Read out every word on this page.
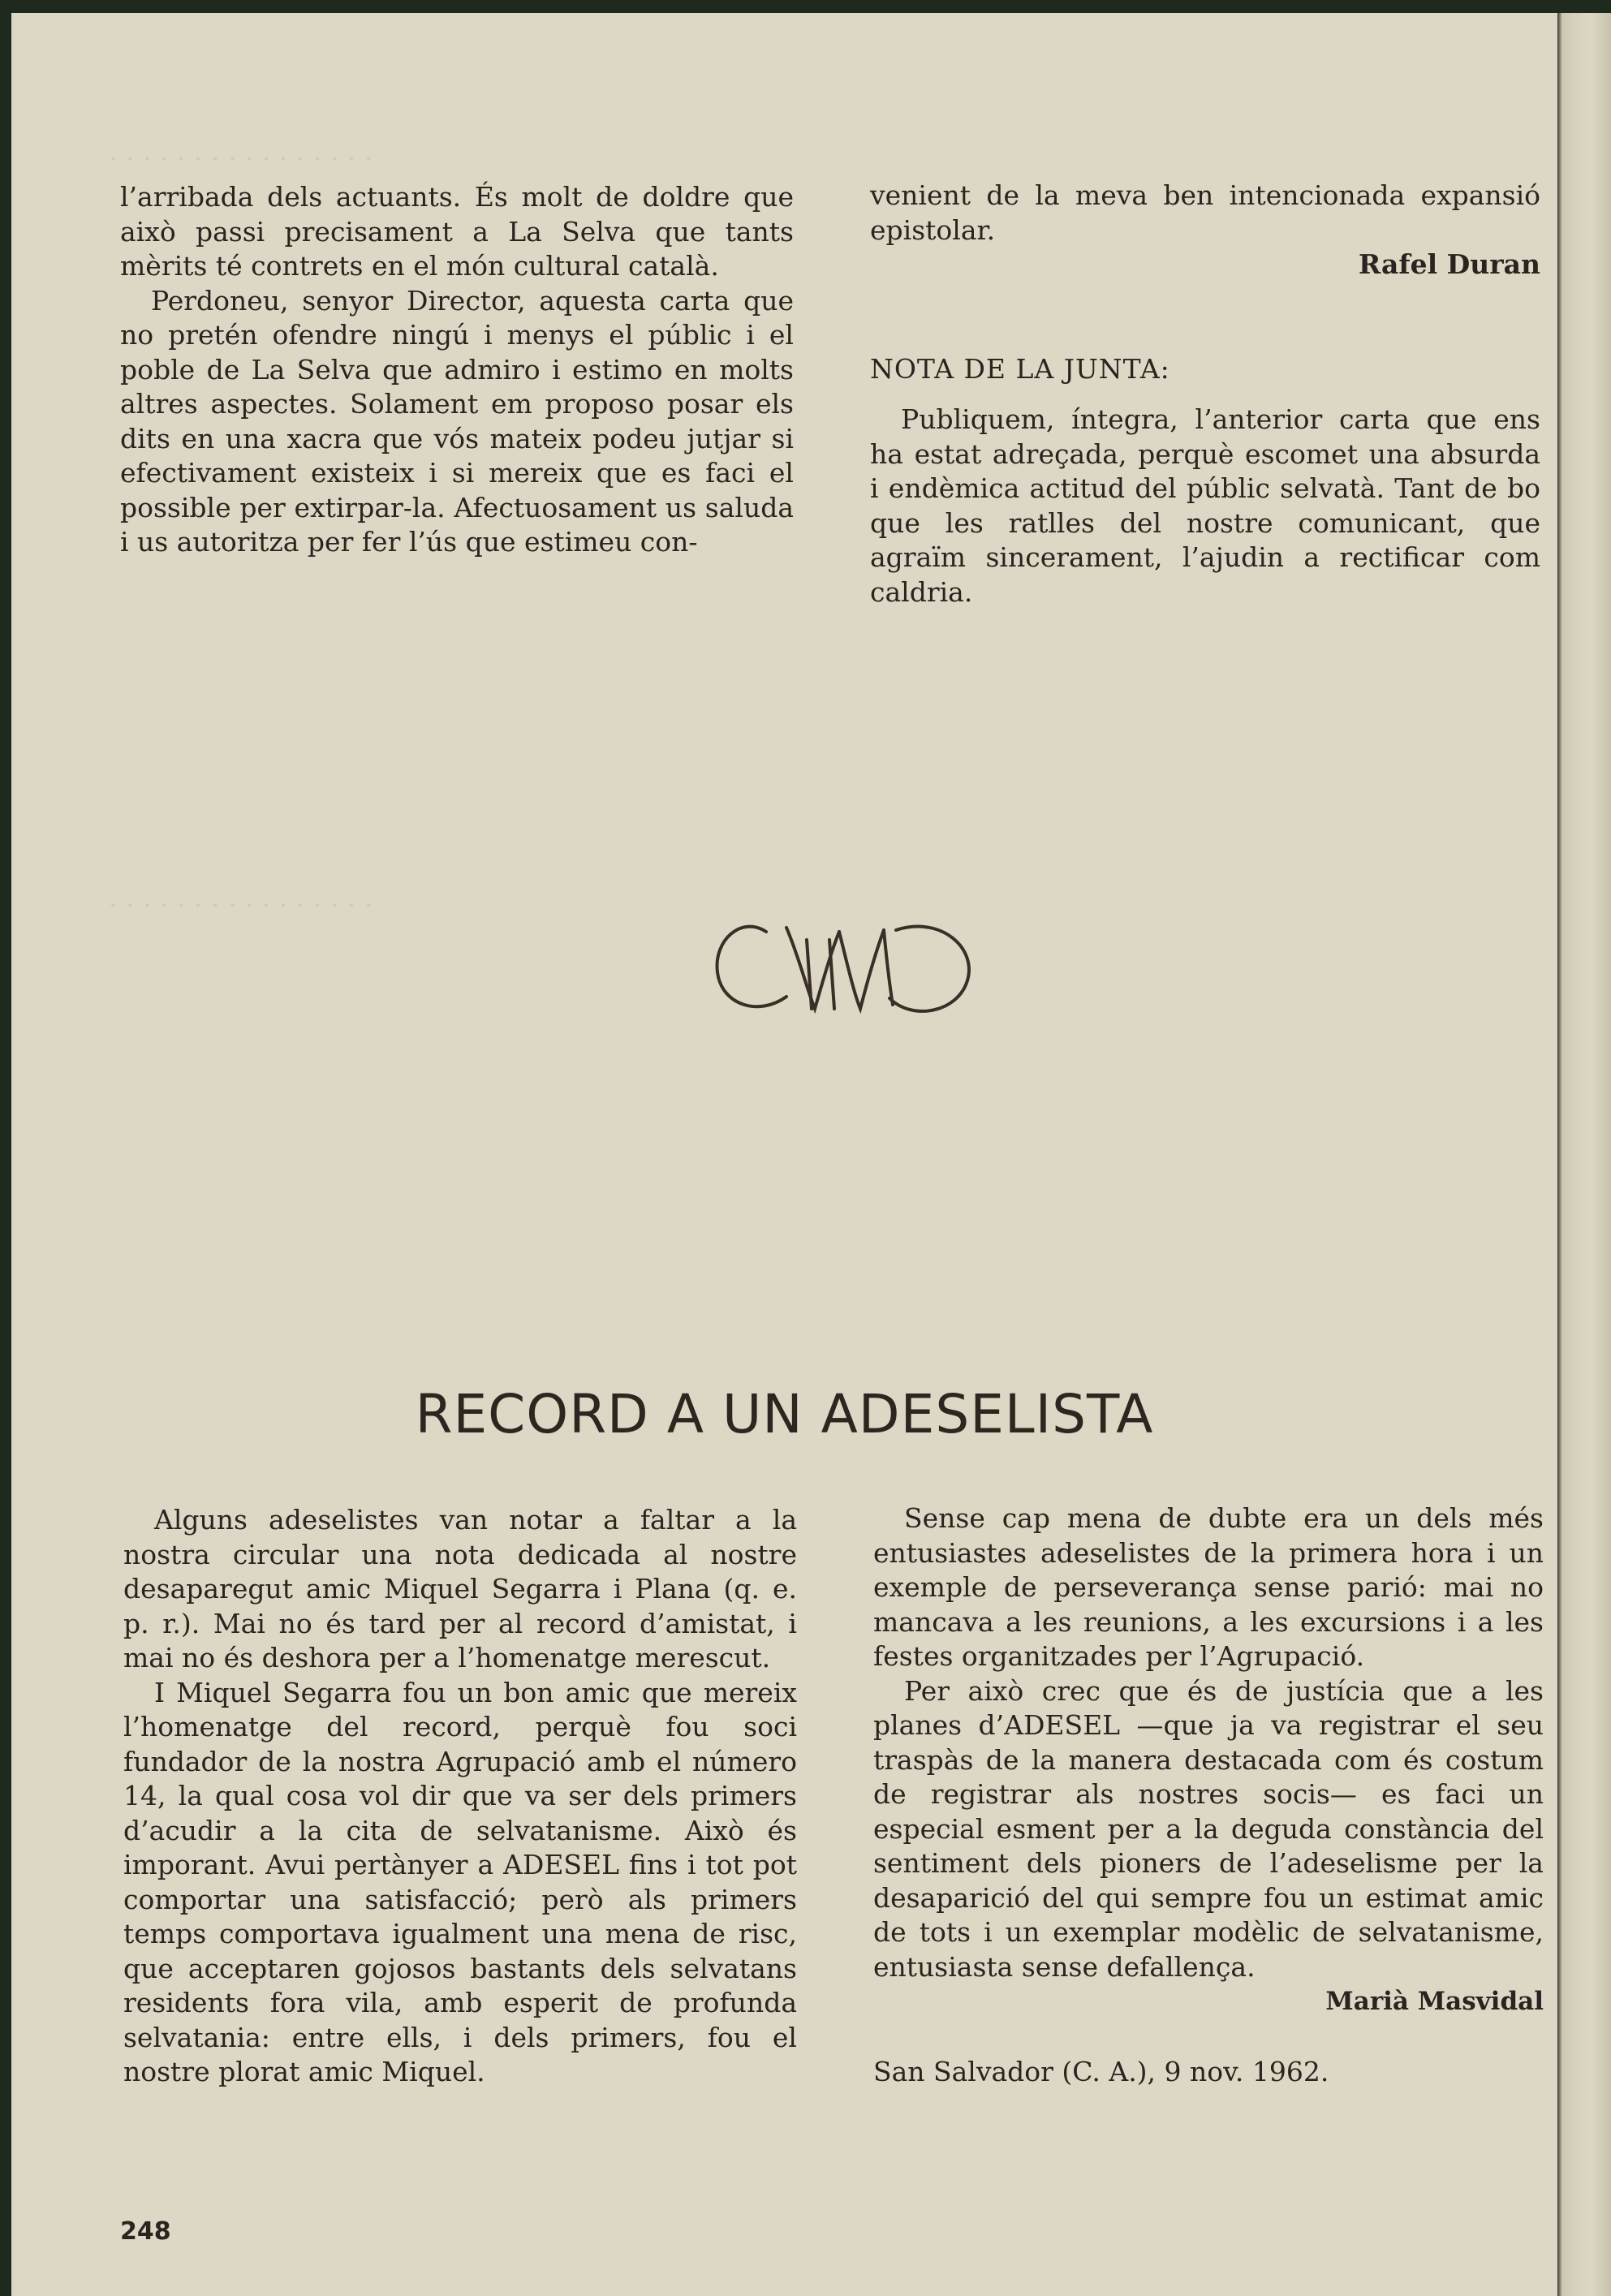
· · · · · · · · · · · · · · · ·
· · · · · · · · · · · · · · · ·

l’arribada dels actuants. És molt de doldre que això passi precisament a La Selva que tants mèrits té contrets en el món cultural català.

Perdoneu, senyor Director, aquesta carta que no pretén ofendre ningú i menys el públic i el poble de La Selva que admiro i estimo en molts altres aspectes. Solament em proposo posar els dits en una xacra que vós mateix podeu jutjar si efectivament existeix i si mereix que es faci el possible per extirpar-la. Afectuosament us saluda i us autoritza per fer l’ús que estimeu con-

venient de la meva ben intencionada expansió epistolar.

Rafel Duran

NOTA DE LA JUNTA:

Publiquem, íntegra, l’anterior carta que ens ha estat adreçada, perquè escomet una absurda i endèmica actitud del públic selvatà. Tant de bo que les ratlles del nostre comunicant, que agraïm sincerament, l’ajudin a rectificar com caldria.

RECORD A UN ADESELISTA

Alguns adeselistes van notar a faltar a la nostra circular una nota dedicada al nostre desaparegut amic Miquel Segarra i Plana (q. e. p. r.). Mai no és tard per al record d’amistat, i mai no és deshora per a l’homenatge merescut.

I Miquel Segarra fou un bon amic que mereix l’homenatge del record, perquè fou soci fundador de la nostra Agrupació amb el número 14, la qual cosa vol dir que va ser dels primers d’acudir a la cita de selvatanisme. Això és imporant. Avui pertànyer a ADESEL fins i tot pot comportar una satisfacció; però als primers temps comportava igualment una mena de risc, que acceptaren gojosos bastants dels selvatans residents fora vila, amb esperit de profunda selvatania: entre ells, i dels primers, fou el nostre plorat amic Miquel.

Sense cap mena de dubte era un dels més entusiastes adeselistes de la primera hora i un exemple de perseverança sense parió: mai no mancava a les reunions, a les excursions i a les festes organitzades per l’Agrupació.

Per això crec que és de justícia que a les planes d’ADESEL —que ja va registrar el seu traspàs de la manera destacada com és costum de registrar als nostres socis— es faci un especial esment per a la deguda constància del sentiment dels pioners de l’adeselisme per la desaparició del qui sempre fou un estimat amic de tots i un exemplar modèlic de selvatanisme, entusiasta sense defallença.

Marià Masvidal

San Salvador (C. A.), 9 nov. 1962.

248
